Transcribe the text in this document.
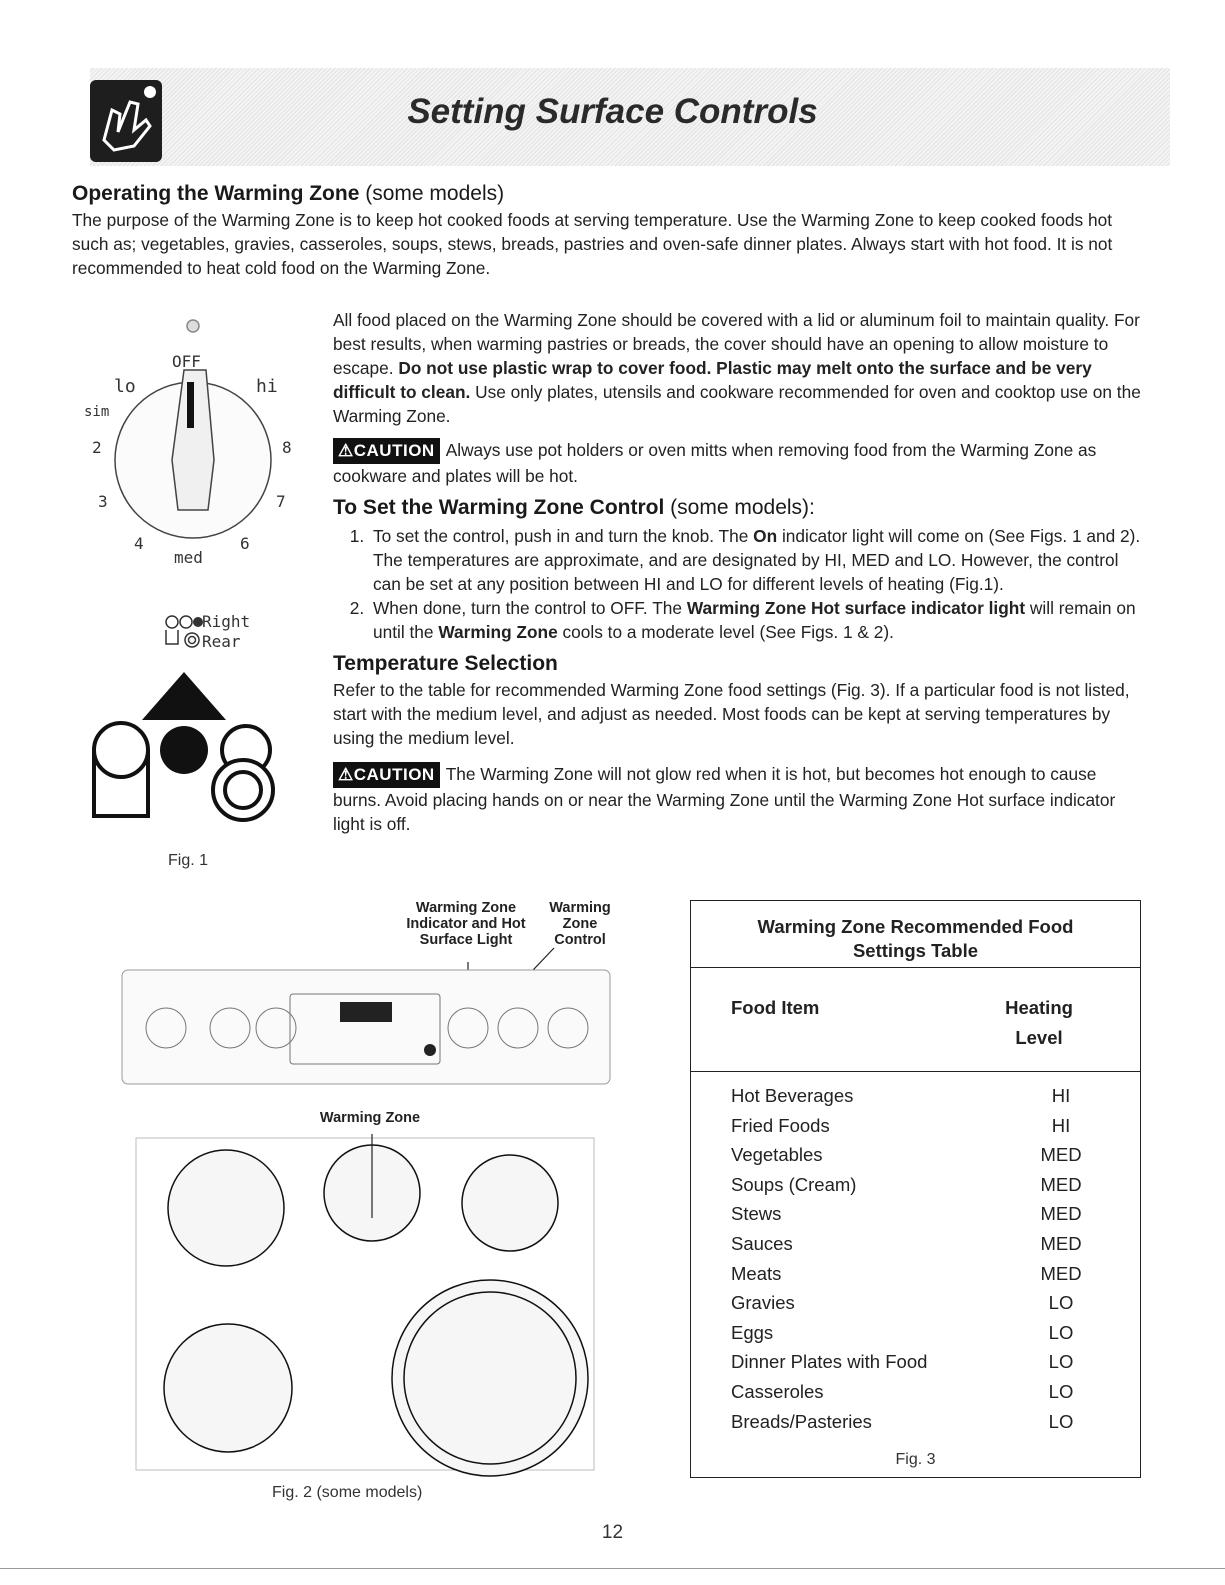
Setting Surface Controls
Operating the Warming Zone (some models)
The purpose of the Warming Zone is to keep hot cooked foods at serving temperature. Use the Warming Zone to keep cooked foods hot such as; vegetables, gravies, casseroles, soups, stews, breads, pastries and oven-safe dinner plates. Always start with hot food. It is not recommended to heat cold food on the Warming Zone.
OFF
lo	hi
sim
2	8
3	7
4	6
med
Right
Rear
Fig. 1
All food placed on the Warming Zone should be covered with a lid or aluminum foil to maintain quality. For best results, when warming pastries or breads, the cover should have an opening to allow moisture to escape. Do not use plastic wrap to cover food. Plastic may melt onto the surface and be very difficult to clean. Use only plates, utensils and cookware recommended for oven and cooktop use on the Warming Zone.
⚠CAUTION Always use pot holders or oven mitts when removing food from the Warming Zone as cookware and plates will be hot.
To Set the Warming Zone Control (some models):
1. To set the control, push in and turn the knob. The On indicator light will come on (See Figs. 1 and 2). The temperatures are approximate, and are designated by HI, MED and LO. However, the control can be set at any position between HI and LO for different levels of heating (Fig.1).
2. When done, turn the control to OFF. The Warming Zone Hot surface indicator light will remain on until the Warming Zone cools to a moderate level (See Figs. 1 & 2).
Temperature Selection
Refer to the table for recommended Warming Zone food settings (Fig. 3). If a particular food is not listed, start with the medium level, and adjust as needed. Most foods can be kept at serving temperatures by using the medium level.
⚠CAUTION The Warming Zone will not glow red when it is hot, but becomes hot enough to cause burns. Avoid placing hands on or near the Warming Zone until the Warming Zone Hot surface indicator light is off.
Warming Zone Indicator and Hot Surface Light
Warming Zone Control
Warming Zone
Fig. 2 (some models)
Warming Zone Recommended Food Settings Table
Food Item	Heating Level
Hot Beverages	HI
Fried Foods	HI
Vegetables	MED
Soups (Cream)	MED
Stews	MED
Sauces	MED
Meats	MED
Gravies	LO
Eggs	LO
Dinner Plates with Food	LO
Casseroles	LO
Breads/Pasteries	LO
Fig. 3
12
